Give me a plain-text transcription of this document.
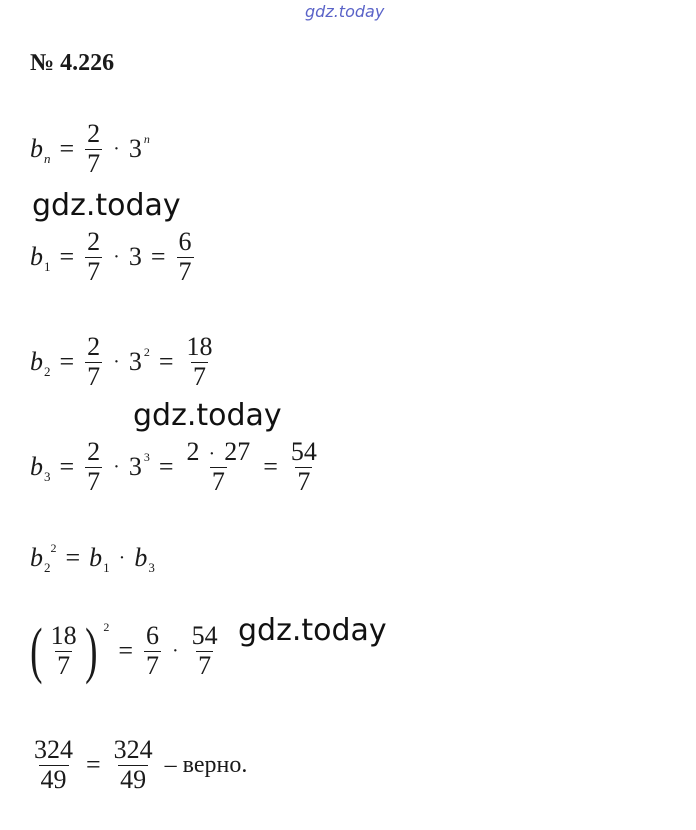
gdz.today
№ 4.226
b $n = \frac{2}{7} \cdot 3$ n
gdz.today
b $1 = \frac{2}{7} \cdot 3 = \frac{6}{7}$
b $2 = \frac{2}{7} \cdot 3$ $2 = \frac{18}{7}$
gdz.today
b $3 = \frac{2}{7} \cdot 3$ $3 = \frac{2 \cdot 27}{7} = \frac{54}{7}$
b 2
2 = b 1 · b 3
( $\frac{18}{7}$ ) 2
= $\frac{6}{7} \cdot \frac{54}{7}$ gdz.today
$\frac{324}{49} = \frac{324}{49}$ – верно.
